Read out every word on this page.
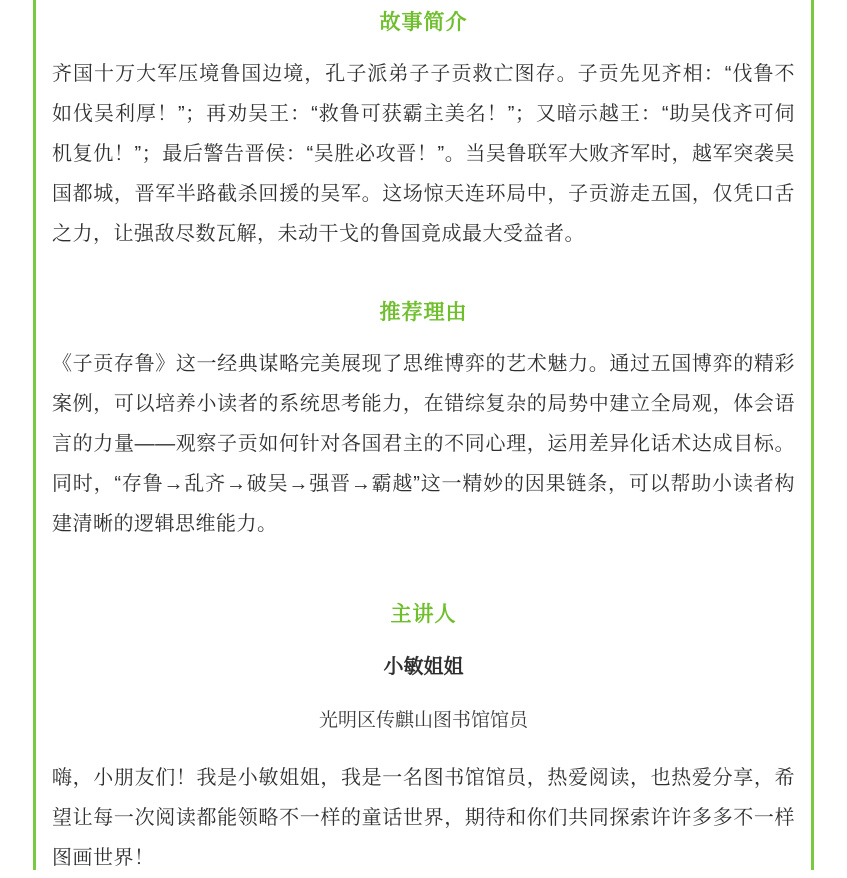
故事简介
齐国十万大军压境鲁国边境，孔子派弟子子贡救亡图存。子贡先见齐相：“伐鲁不如伐吴利厚！”；再劝吴王：“救鲁可获霸主美名！”；又暗示越王：“助吴伐齐可伺机复仇！”；最后警告晋侯：“吴胜必攻晋！”。当吴鲁联军大败齐军时，越军突袭吴国都城，晋军半路截杀回援的吴军。这场惊天连环局中，子贡游走五国，仅凭口舌之力，让强敌尽数瓦解，未动干戈的鲁国竟成最大受益者。
推荐理由
《子贡存鲁》这一经典谋略完美展现了思维博弈的艺术魅力。通过五国博弈的精彩案例，可以培养小读者的系统思考能力，在错综复杂的局势中建立全局观，体会语言的力量——观察子贡如何针对各国君主的不同心理，运用差异化话术达成目标。同时，“存鲁→乱齐→破吴→强晋→霸越”这一精妙的因果链条，可以帮助小读者构建清晰的逻辑思维能力。
主讲人
小敏姐姐
光明区传麒山图书馆馆员
嗨，小朋友们！我是小敏姐姐，我是一名图书馆馆员，热爱阅读，也热爱分享，希望让每一次阅读都能领略不一样的童话世界，期待和你们共同探索许许多多不一样图画世界！
